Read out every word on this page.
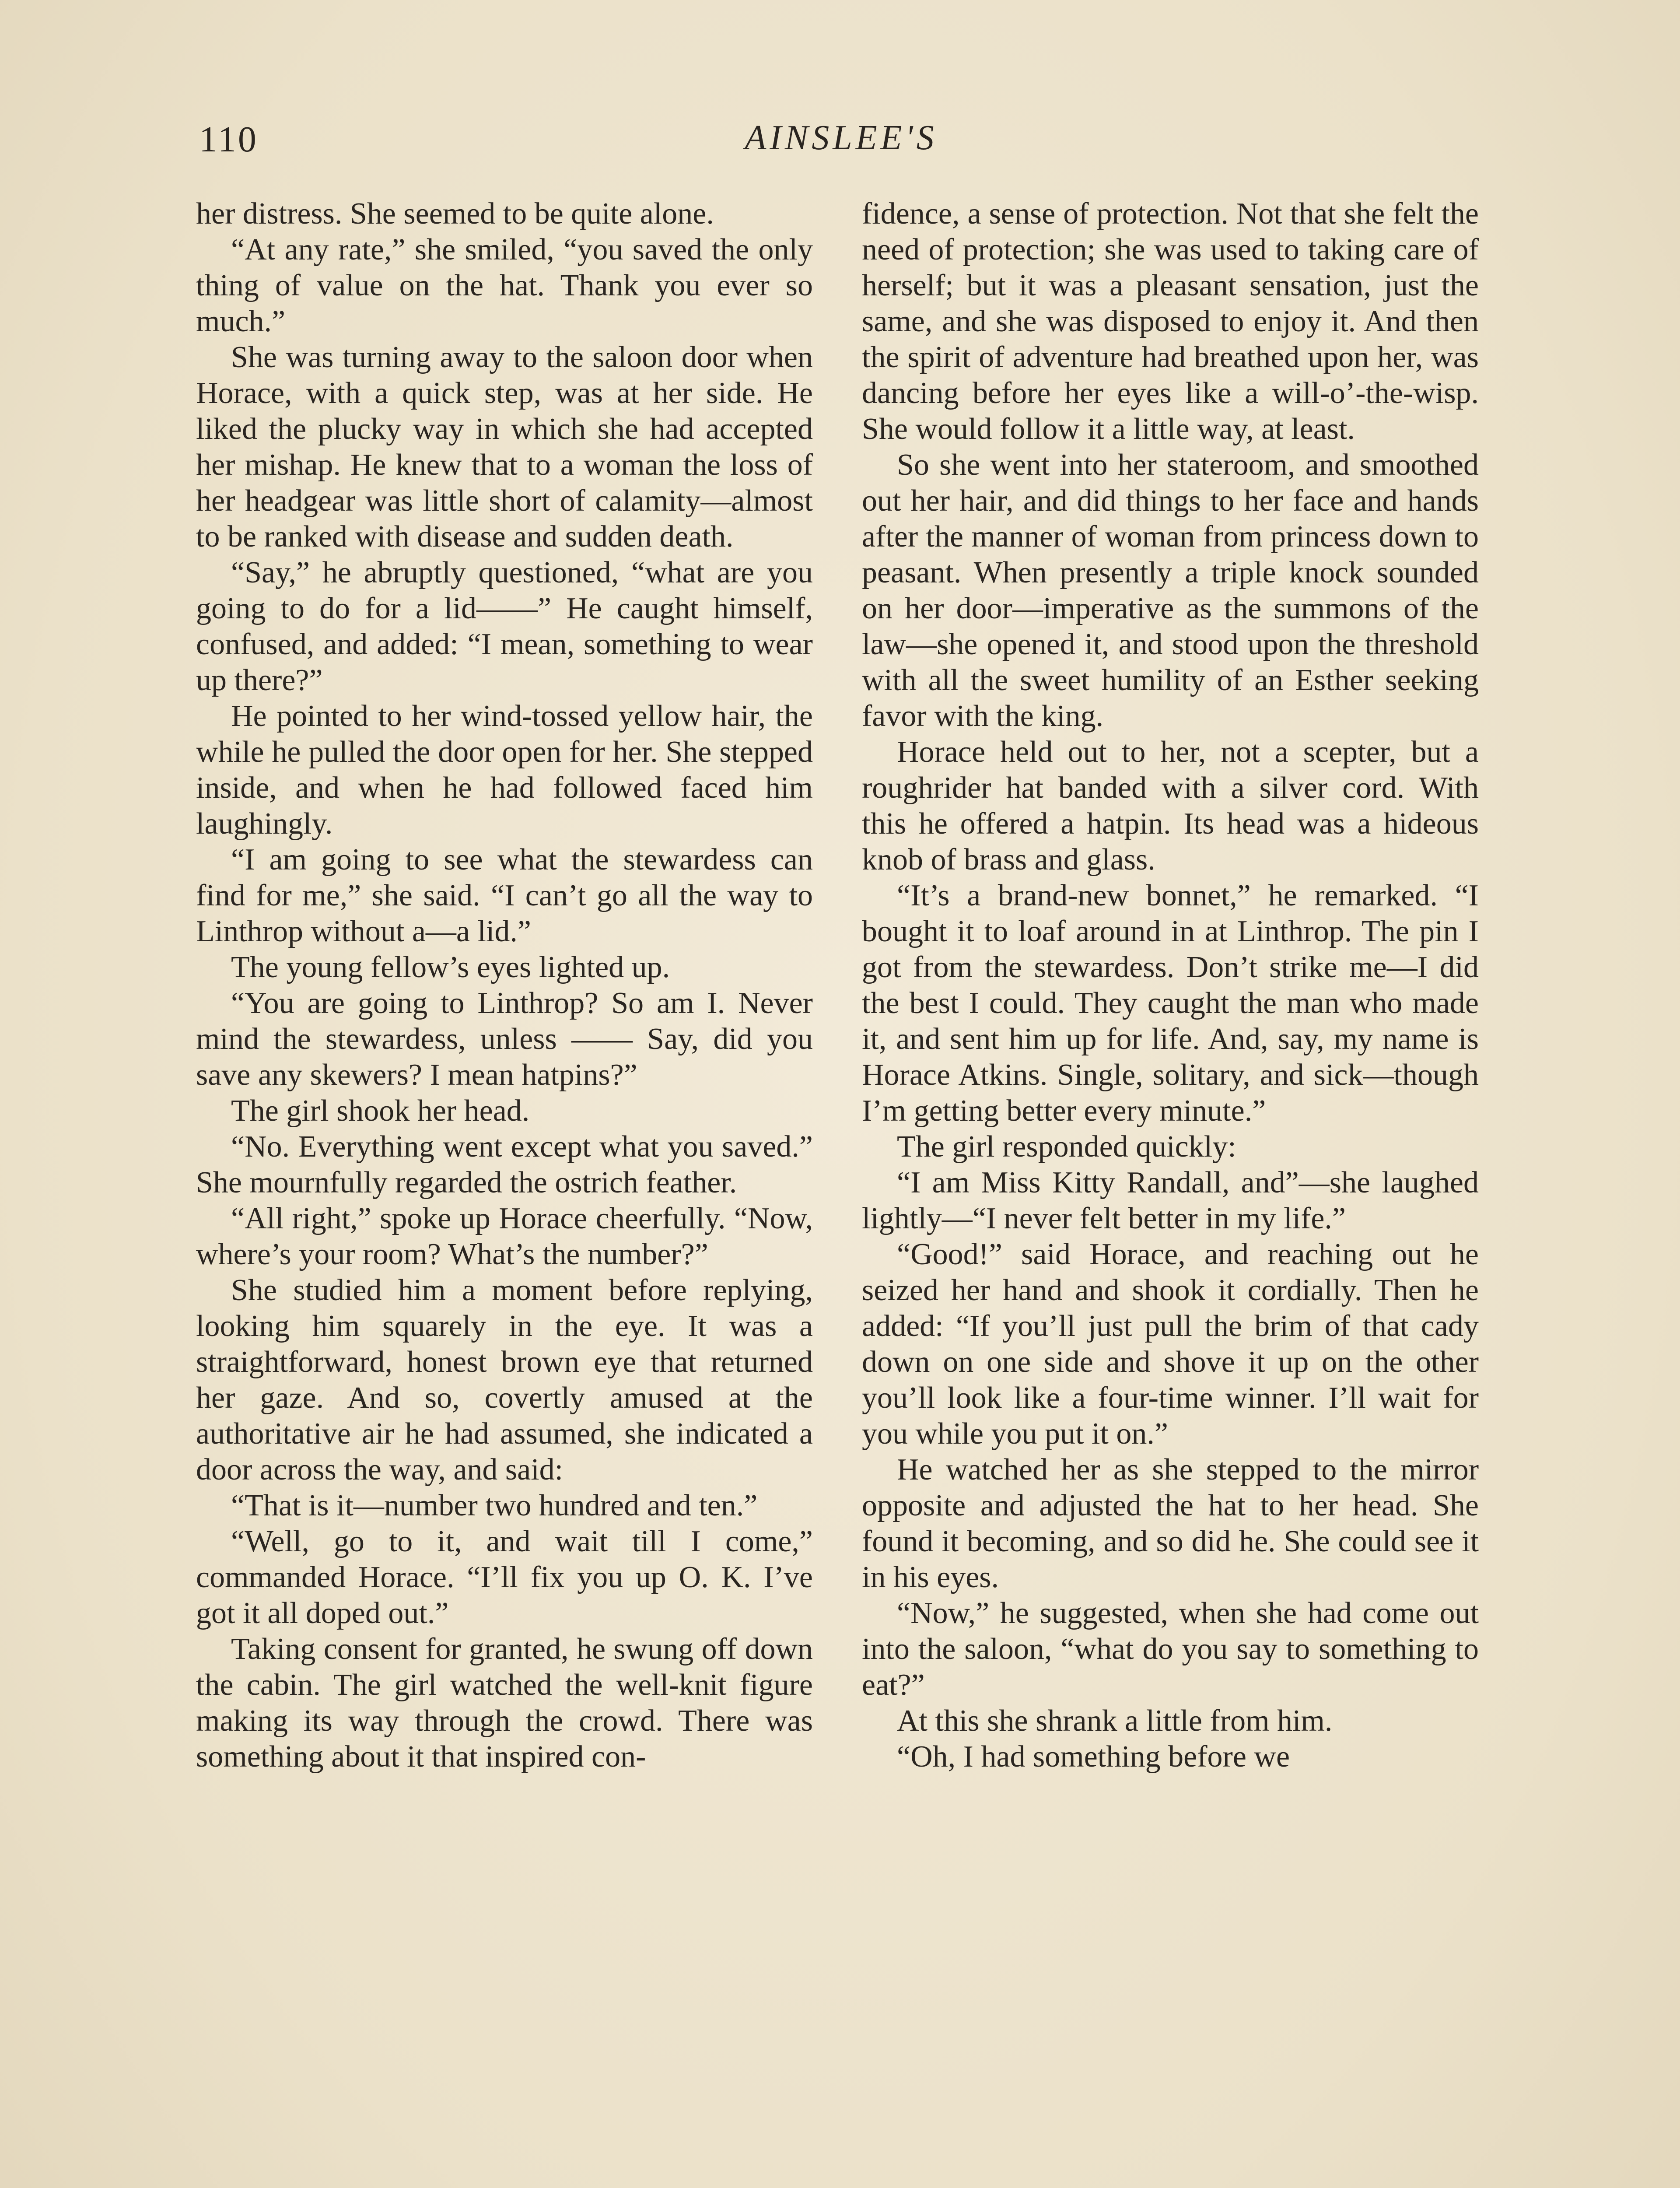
110	AINSLEE'S

her distress. She seemed to be quite alone.

“At any rate,” she smiled, “you saved the only thing of value on the hat. Thank you ever so much.”

She was turning away to the saloon door when Horace, with a quick step, was at her side. He liked the plucky way in which she had accepted her mishap. He knew that to a woman the loss of her headgear was little short of calamity—almost to be ranked with disease and sudden death.

“Say,” he abruptly questioned, “what are you going to do for a lid——” He caught himself, confused, and added: “I mean, something to wear up there?”

He pointed to her wind-tossed yellow hair, the while he pulled the door open for her. She stepped inside, and when he had followed faced him laughingly.

“I am going to see what the stewardess can find for me,” she said. “I can’t go all the way to Linthrop without a—a lid.”

The young fellow’s eyes lighted up.

“You are going to Linthrop? So am I. Never mind the stewardess, unless —— Say, did you save any skewers? I mean hatpins?”

The girl shook her head.

“No. Everything went except what you saved.” She mournfully regarded the ostrich feather.

“All right,” spoke up Horace cheerfully. “Now, where’s your room? What’s the number?”

She studied him a moment before replying, looking him squarely in the eye. It was a straightforward, honest brown eye that returned her gaze. And so, covertly amused at the authoritative air he had assumed, she indicated a door across the way, and said:

“That is it—number two hundred and ten.”

“Well, go to it, and wait till I come,” commanded Horace. “I’ll fix you up O. K. I’ve got it all doped out.”

Taking consent for granted, he swung off down the cabin. The girl watched the well-knit figure making its way through the crowd. There was something about it that inspired con-

fidence, a sense of protection. Not that she felt the need of protection; she was used to taking care of herself; but it was a pleasant sensation, just the same, and she was disposed to enjoy it. And then the spirit of adventure had breathed upon her, was dancing before her eyes like a will-o’-the-wisp. She would follow it a little way, at least.

So she went into her stateroom, and smoothed out her hair, and did things to her face and hands after the manner of woman from princess down to peasant. When presently a triple knock sounded on her door—imperative as the summons of the law—she opened it, and stood upon the threshold with all the sweet humility of an Esther seeking favor with the king.

Horace held out to her, not a scepter, but a roughrider hat banded with a silver cord. With this he offered a hatpin. Its head was a hideous knob of brass and glass.

“It’s a brand-new bonnet,” he remarked. “I bought it to loaf around in at Linthrop. The pin I got from the stewardess. Don’t strike me—I did the best I could. They caught the man who made it, and sent him up for life. And, say, my name is Horace Atkins. Single, solitary, and sick—though I’m getting better every minute.”

The girl responded quickly:

“I am Miss Kitty Randall, and”—she laughed lightly—“I never felt better in my life.”

“Good!” said Horace, and reaching out he seized her hand and shook it cordially. Then he added: “If you’ll just pull the brim of that cady down on one side and shove it up on the other you’ll look like a four-time winner. I’ll wait for you while you put it on.”

He watched her as she stepped to the mirror opposite and adjusted the hat to her head. She found it becoming, and so did he. She could see it in his eyes.

“Now,” he suggested, when she had come out into the saloon, “what do you say to something to eat?”

At this she shrank a little from him.

“Oh, I had something before we
